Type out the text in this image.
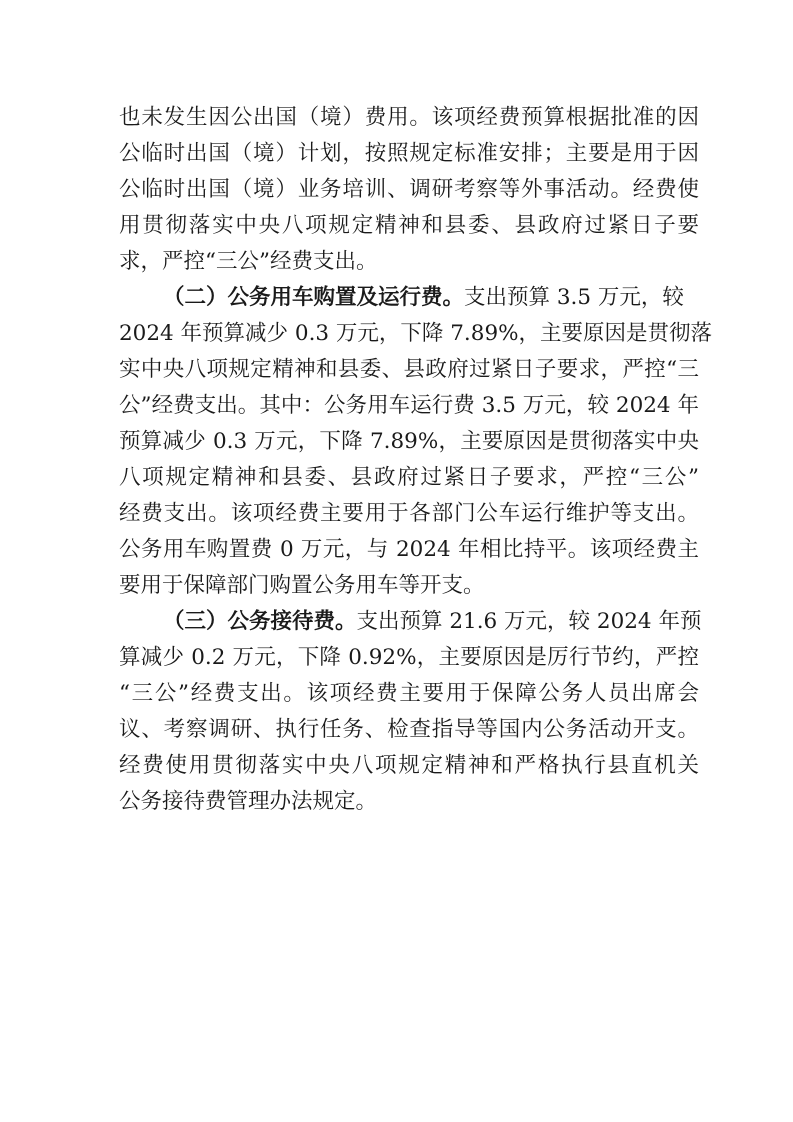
也未发生因公出国（境）费用。该项经费预算根据批准的因
公临时出国（境）计划，按照规定标准安排；主要是用于因
公临时出国（境）业务培训、调研考察等外事活动。经费使
用贯彻落实中央八项规定精神和县委、县政府过紧日子要
求，严控“三公”经费支出。
（二）公务用车购置及运行费。支出预算 3.5 万元，较
2024 年预算减少 0.3 万元，下降 7.89%，主要原因是贯彻落
实中央八项规定精神和县委、县政府过紧日子要求，严控“三
公”经费支出。其中：公务用车运行费 3.5 万元，较 2024 年
预算减少 0.3 万元，下降 7.89%，主要原因是贯彻落实中央
八项规定精神和县委、县政府过紧日子要求，严控“三公”
经费支出。该项经费主要用于各部门公车运行维护等支出。
公务用车购置费 0 万元，与 2024 年相比持平。该项经费主
要用于保障部门购置公务用车等开支。
（三）公务接待费。支出预算 21.6 万元，较 2024 年预
算减少 0.2 万元，下降 0.92%，主要原因是厉行节约，严控
“三公”经费支出。该项经费主要用于保障公务人员出席会
议、考察调研、执行任务、检查指导等国内公务活动开支。
经费使用贯彻落实中央八项规定精神和严格执行县直机关
公务接待费管理办法规定。
